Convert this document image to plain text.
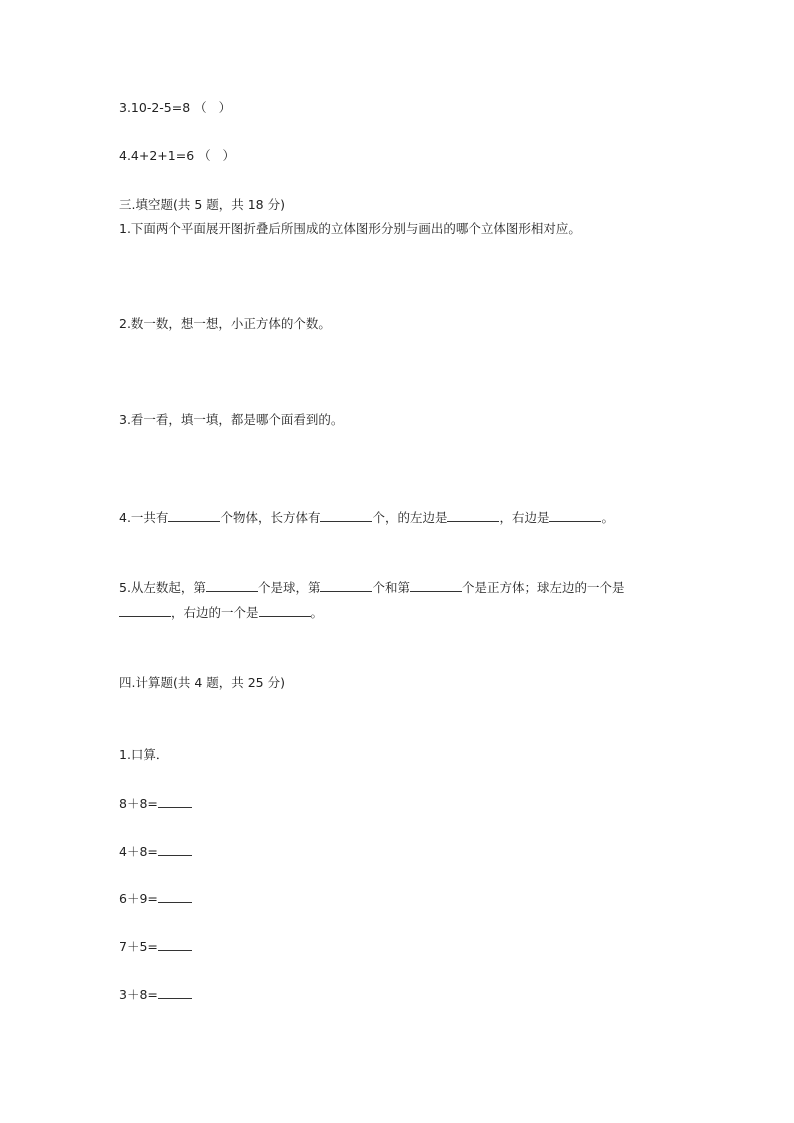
3.10-2-5=8 （   ）
4.4+2+1=6 （   ）
三.填空题(共 5 题，共 18 分)
1.下面两个平面展开图折叠后所围成的立体图形分别与画出的哪个立体图形相对应。
2.数一数，想一想，小正方体的个数。
3.看一看，填一填，都是哪个面看到的。
4.一共有	个物体，长方体有	个，的左边是	，右边是	。
5.从左数起，第	个是球，第	个和第	个是正方体；球左边的一个是
，右边的一个是	。
四.计算题(共 4 题，共 25 分)
1.口算．
8＋8=
4＋8=
6＋9=
7＋5=
3＋8=
